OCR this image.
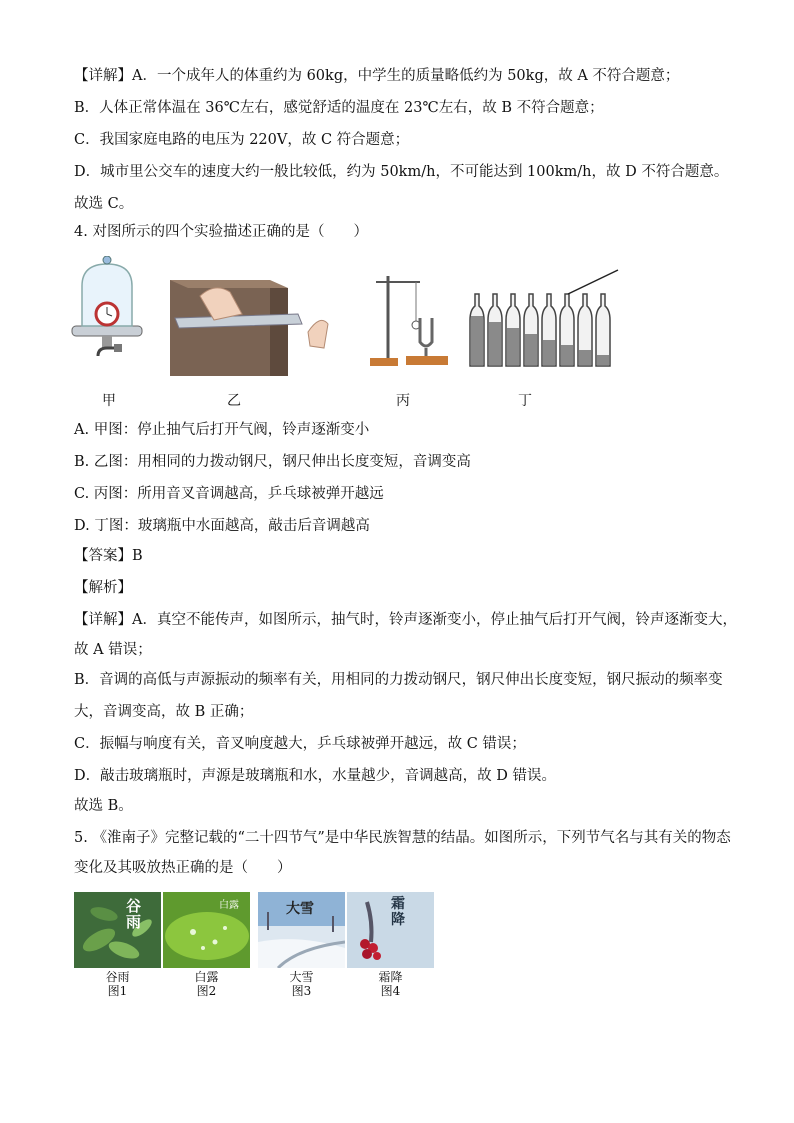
【详解】A．一个成年人的体重约为 60kg，中学生的质量略低约为 50kg，故 A 不符合题意；
B．人体正常体温在 36℃左右，感觉舒适的温度在 23℃左右，故 B 不符合题意；
C．我国家庭电路的电压为 220V，故 C 符合题意；
D．城市里公交车的速度大约一般比较低，约为 50km/h，不可能达到 100km/h，故 D 不符合题意。
故选 C。
4. 对图所示的四个实验描述正确的是（　　）
甲	乙	丙	丁
A. 甲图：停止抽气后打开气阀，铃声逐渐变小
B. 乙图：用相同的力拨动钢尺，钢尺伸出长度变短，音调变高
C. 丙图：所用音叉音调越高，乒乓球被弹开越远
D. 丁图：玻璃瓶中水面越高，敲击后音调越高
【答案】B
【解析】
【详解】A．真空不能传声，如图所示，抽气时，铃声逐渐变小，停止抽气后打开气阀，铃声逐渐变大，
故 A 错误；
B．音调的高低与声源振动的频率有关，用相同的力拨动钢尺，钢尺伸出长度变短，钢尺振动的频率变
大，音调变高，故 B 正确；
C．振幅与响度有关，音叉响度越大，乒乓球被弹开越远，故 C 错误；
D．敲击玻璃瓶时，声源是玻璃瓶和水，水量越少，音调越高，故 D 错误。
故选 B。
5. 《淮南子》完整记载的“二十四节气”是中华民族智慧的结晶。如图所示，下列节气名与其有关的物态
变化及其吸放热正确的是（　　）
谷雨
白露	大雪	霜降
谷雨
图1
白露
图2
大雪
图3
霜降
图4
